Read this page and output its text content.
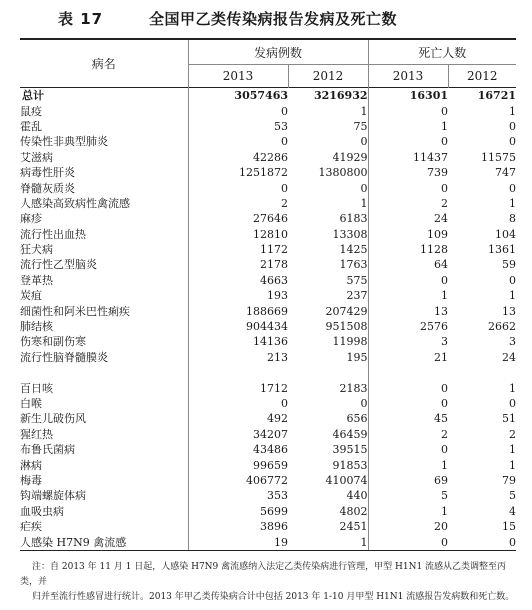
表 17	全国甲乙类传染病报告发病及死亡数
病名	发病例数		死亡人数	
	2013	2012	2013	2012
总计	3057463	3216932	16301	16721
鼠疫	0	1	0	1
霍乱	53	75	1	0
传染性非典型肺炎	0	0	0	0
艾滋病	42286	41929	11437	11575
病毒性肝炎	1251872	1380800	739	747
脊髓灰质炎	0	0	0	0
人感染高致病性禽流感	2	1	2	1
麻疹	27646	6183	24	8
流行性出血热	12810	13308	109	104
狂犬病	1172	1425	1128	1361
流行性乙型脑炎	2178	1763	64	59
登革热	4663	575	0	0
炭疽	193	237	1	1
细菌性和阿米巴性痢疾	188669	207429	13	13
肺结核	904434	951508	2576	2662
伤寒和副伤寒	14136	11998	3	3
流行性脑脊髓膜炎	213	195	21	24

百日咳	1712	2183	0	1
白喉	0	0	0	0
新生儿破伤风	492	656	45	51
猩红热	34207	46459	2	2
布鲁氏菌病	43486	39515	0	1
淋病	99659	91853	1	1
梅毒	406772	410074	69	79
钩端螺旋体病	353	440	5	5
血吸虫病	5699	4802	1	4
疟疾	3896	2451	20	15
人感染 H7N9 禽流感	19	1	0	0

注：自 2013 年 11 月 1 日起，人感染 H7N9 禽流感纳入法定乙类传染病进行管理，甲型 H1N1 流感从乙类调整至丙类，并

归并至流行性感冒进行统计。2013 年甲乙类传染病合计中包括 2013 年 1-10 月甲型 H1N1 流感报告发病数和死亡数。
